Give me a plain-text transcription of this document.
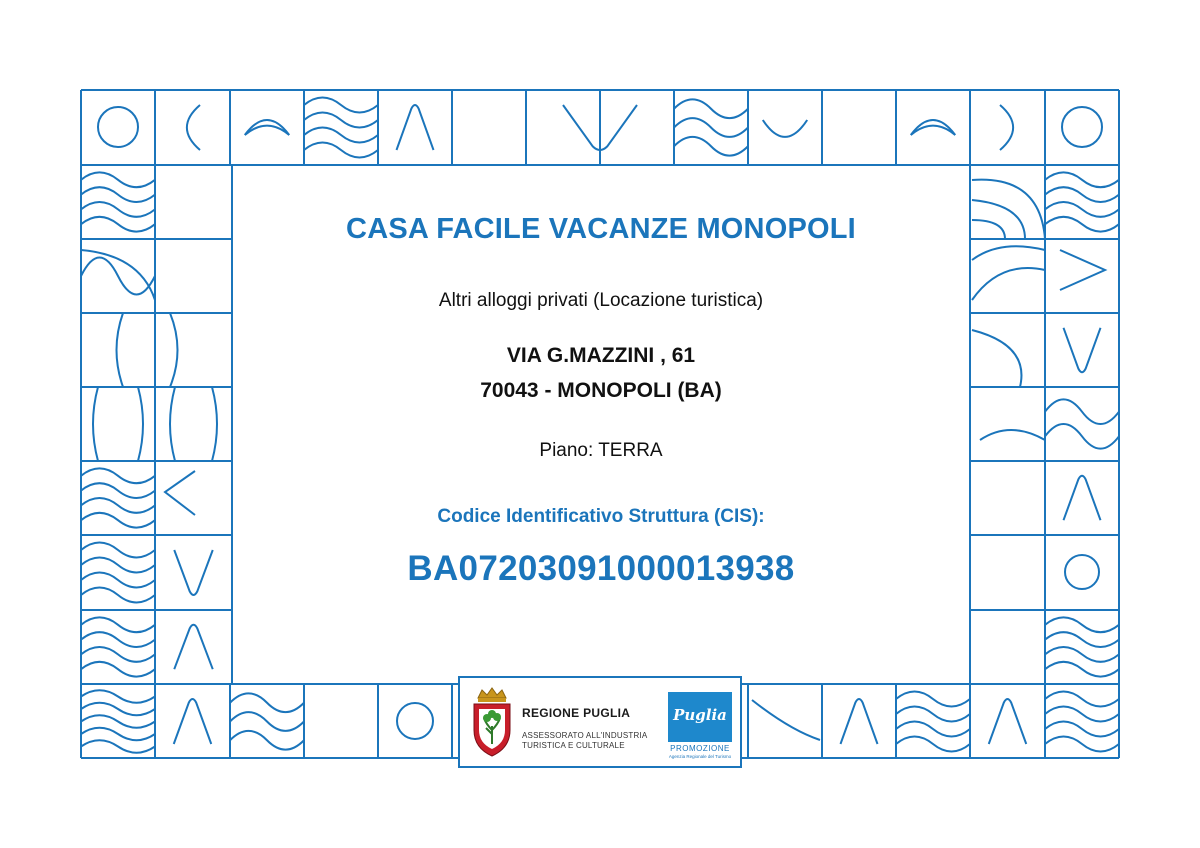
CASA FACILE VACANZE MONOPOLI
Altri alloggi privati (Locazione turistica)
VIA G.MAZZINI , 61
70043 - MONOPOLI (BA)
Piano: TERRA
Codice Identificativo Struttura (CIS):
BA07203091000013938
REGIONE PUGLIA
ASSESSORATO ALL'INDUSTRIA
TURISTICA E CULTURALE
Puglia
PROMOZIONE
Agenzia Regionale del Turismo
